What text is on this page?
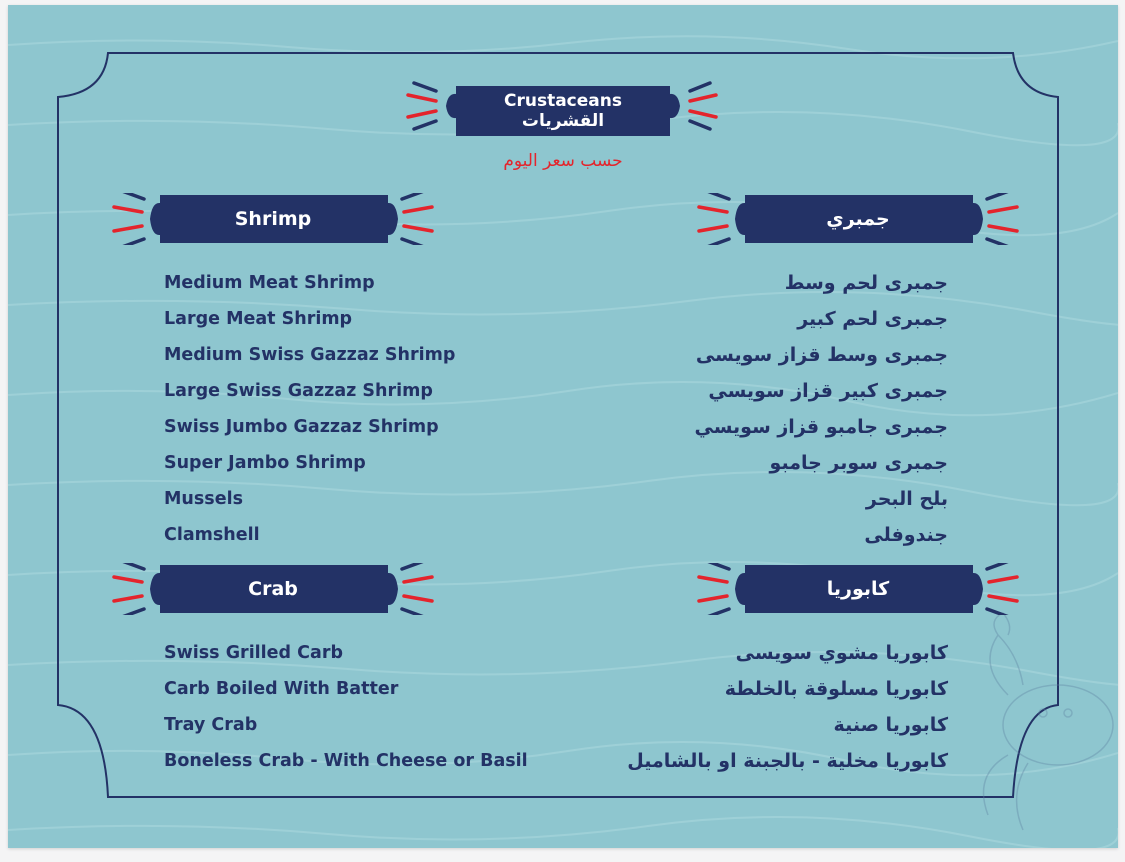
Crustaceans
القشريات
حسب سعر اليوم
Shrimp	جمبري
Medium Meat Shrimp
Large Meat Shrimp
Medium Swiss Gazzaz Shrimp
Large Swiss Gazzaz Shrimp
Swiss Jumbo Gazzaz Shrimp
Super Jambo Shrimp
Mussels
Clamshell
جمبرى لحم وسط
جمبرى لحم كبير
جمبرى وسط قزاز سويسى
جمبرى كبير قزاز سويسي
جمبرى جامبو قزاز سويسي
جمبرى سوبر جامبو
بلح البحر
جندوفلى
Crab	كابوريا
Swiss Grilled Carb
Carb Boiled With Batter
Tray Crab
Boneless Crab - With Cheese or Basil
كابوريا مشوي سويسى
كابوريا مسلوقة بالخلطة
كابوريا صنية
كابوريا مخلية - بالجبنة او بالشاميل
